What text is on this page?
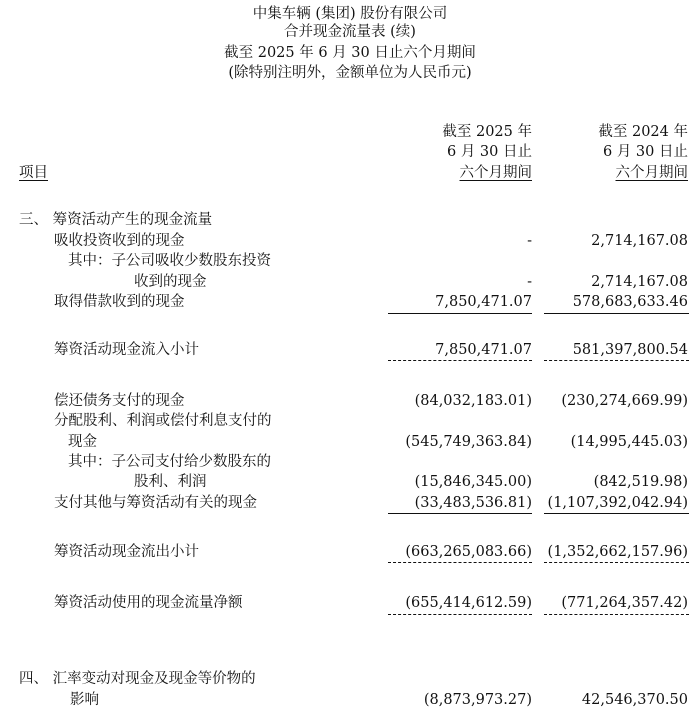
中集车辆 (集团) 股份有限公司
合并现金流量表 (续)
截至 2025 年 6 月 30 日止六个月期间
(除特别注明外，金额单位为人民币元)
截至 2025 年
6 月 30 日止
六个月期间
截至 2024 年
6 月 30 日止
六个月期间
项目
三、 筹资活动产生的现金流量
吸收投资收到的现金	-	2,714,167.08
其中：子公司吸收少数股东投资
收到的现金	-	2,714,167.08
取得借款收到的现金	7,850,471.07	578,683,633.46
筹资活动现金流入小计	7,850,471.07	581,397,800.54
偿还债务支付的现金	(84,032,183.01) (230,274,669.99)
分配股利、利润或偿付利息支付的
现金	(545,749,363.84)	(14,995,445.03)
其中：子公司支付给少数股东的
股利、利润	(15,846,345.00)	(842,519.98)
支付其他与筹资活动有关的现金	(33,483,536.81) (1,107,392,042.94)
筹资活动现金流出小计	(663,265,083.66) (1,352,662,157.96)
筹资活动使用的现金流量净额	(655,414,612.59) (771,264,357.42)
四、 汇率变动对现金及现金等价物的
影响	(8,873,973.27)	42,546,370.50
